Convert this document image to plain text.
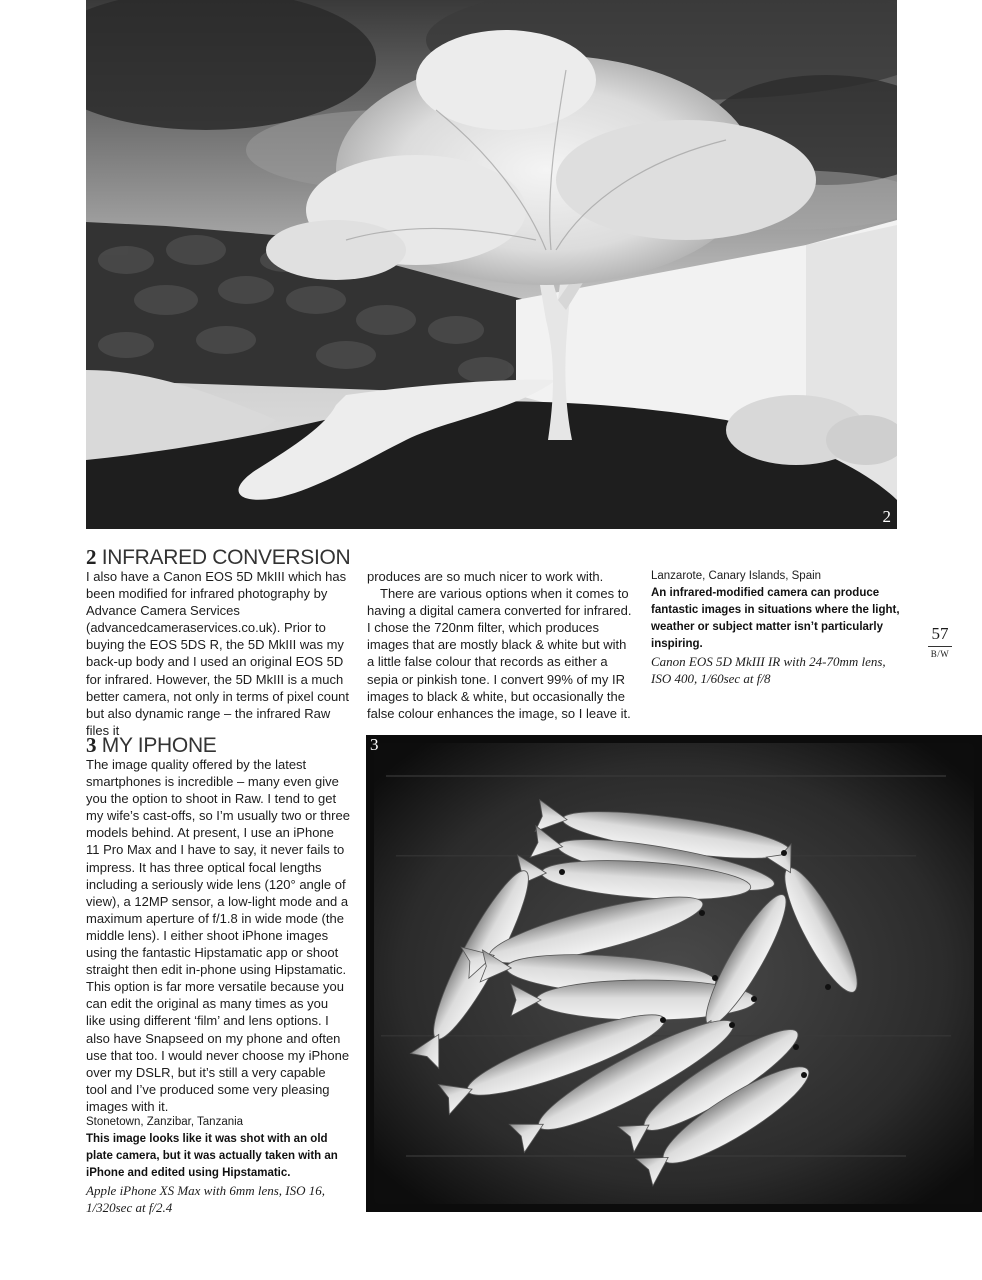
2
2 INFRARED CONVERSION

I also have a Canon EOS 5D MkIII which has been modified for infrared photography by Advance Camera Services (advancedcameraservices.co.uk). Prior to buying the EOS 5DS R, the 5D MkIII was my back-up body and I used an original EOS 5D for infrared. However, the 5D MkIII is a much better camera, not only in terms of pixel count but also dynamic range – the infrared Raw files it

produces are so much nicer to work with.

There are various options when it comes to having a digital camera converted for infrared. I chose the 720nm filter, which produces images that are mostly black & white but with a little false colour that records as either a sepia or pinkish tone. I convert 99% of my IR images to black & white, but occasionally the false colour enhances the image, so I leave it.

Lanzarote, Canary Islands, Spain
An infrared-modified camera can produce fantastic images in situations where the light, weather or subject matter isn’t particularly inspiring.
Canon EOS 5D MkIII IR with 24-70mm lens, ISO 400, 1/60sec at f/8
57
B/W
3 MY IPHONE

The image quality offered by the latest smartphones is incredible – many even give you the option to shoot in Raw. I tend to get my wife’s cast-offs, so I’m usually two or three models behind. At present, I use an iPhone 11 Pro Max and I have to say, it never fails to impress. It has three optical focal lengths including a seriously wide lens (120° angle of view), a 12MP sensor, a low-light mode and a maximum aperture of f/1.8 in wide mode (the middle lens). I either shoot iPhone images using the fantastic Hipstamatic app or shoot straight then edit in-phone using Hipstamatic. This option is far more versatile because you can edit the original as many times as you like using different ‘film’ and lens options. I also have Snapseed on my phone and often use that too. I would never choose my iPhone over my DSLR, but it’s still a very capable tool and I’ve produced some very pleasing images with it.

Stonetown, Zanzibar, Tanzania
This image looks like it was shot with an old plate camera, but it was actually taken with an iPhone and edited using Hipstamatic.
Apple iPhone XS Max with 6mm lens, ISO 16, 1/320sec at f/2.4
3
